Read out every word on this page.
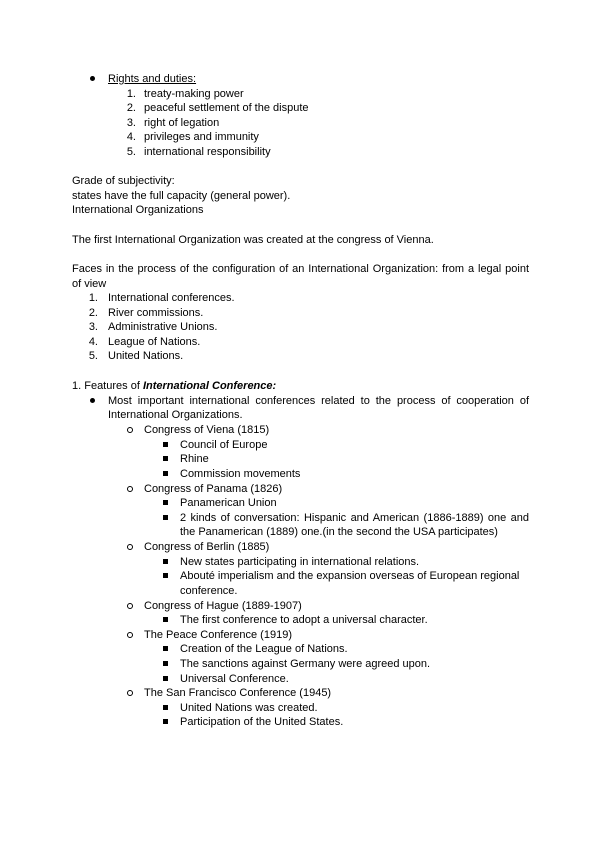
Rights and duties:
1. treaty-making power
2. peaceful settlement of the dispute
3. right of legation
4. privileges and immunity
5. international responsibility
Grade of subjectivity:
states have the full capacity (general power).
International Organizations
The first International Organization was created at the congress of Vienna.
Faces in the process of the configuration of an International Organization: from a legal point
of view
1. International conferences.
2. River commissions.
3. Administrative Unions.
4. League of Nations.
5. United Nations.
1. Features of International Conference:
Most important international conferences related to the process of cooperation of
International Organizations.
Congress of Viena (1815)
Council of Europe
Rhine
Commission movements
Congress of Panama (1826)
Panamerican Union
2 kinds of conversation: Hispanic and American (1886-1889) one and
the Panamerican (1889) one.(in the second the USA participates)
Congress of Berlin (1885)
New states participating in international relations.
Abouté imperialism and the expansion overseas of European regional
conference.
Congress of Hague (1889-1907)
The first conference to adopt a universal character.
The Peace Conference (1919)
Creation of the League of Nations.
The sanctions against Germany were agreed upon.
Universal Conference.
The San Francisco Conference (1945)
United Nations was created.
Participation of the United States.
